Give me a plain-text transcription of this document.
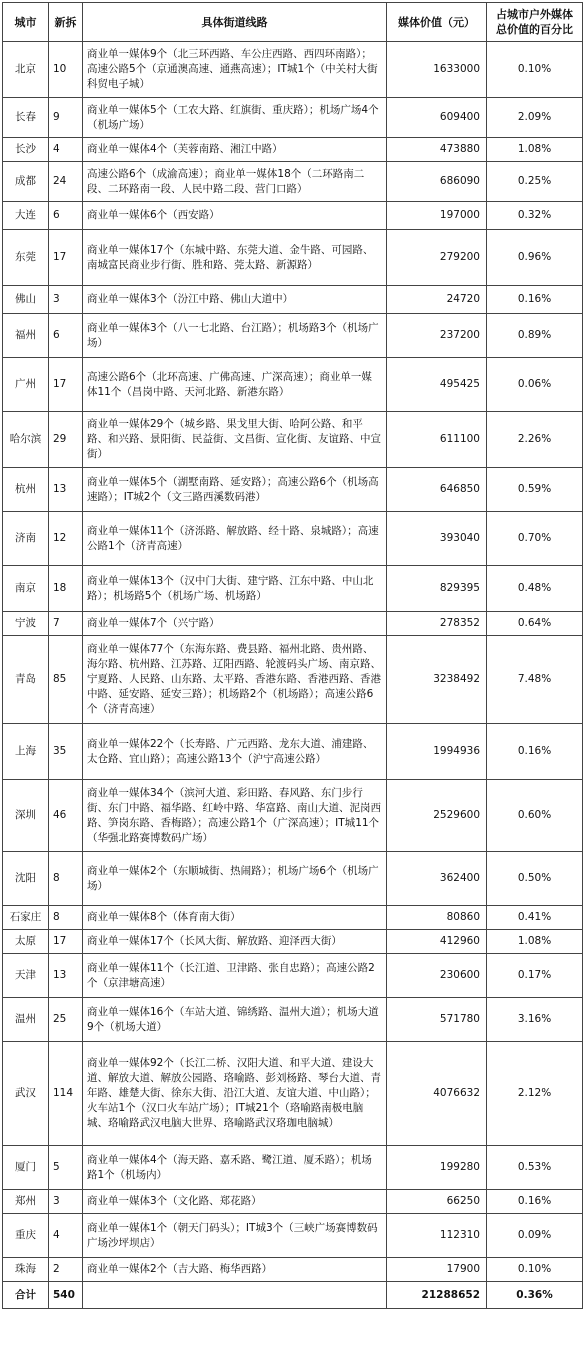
城市	新拆	具体街道线路	媒体价值（元）	占城市户外媒体总价值的百分比
北京	10	商业单一媒体9个（北三环西路、车公庄西路、西四环南路）；高速公路5个（京通澳高速、通燕高速）；IT城1个（中关村大街科贸电子城）	1633000	0.10%
长春	9	商业单一媒体5个（工农大路、红旗街、重庆路）；机场广场4个（机场广场）	609400	2.09%
长沙	4	商业单一媒体4个（芙蓉南路、湘江中路）	473880	1.08%
成都	24	高速公路6个（成渝高速）；商业单一媒体18个（二环路南二段、二环路南一段、人民中路二段、营门口路）	686090	0.25%
大连	6	商业单一媒体6个（西安路）	197000	0.32%
东莞	17	商业单一媒体17个（东城中路、东莞大道、金牛路、可园路、南城富民商业步行街、胜和路、莞太路、新源路）	279200	0.96%
佛山	3	商业单一媒体3个（汾江中路、佛山大道中）	24720	0.16%
福州	6	商业单一媒体3个（八一七北路、台江路）；机场路3个（机场广场）	237200	0.89%
广州	17	高速公路6个（北环高速、广佛高速、广深高速）；商业单一媒体11个（昌岗中路、天河北路、新港东路）	495425	0.06%
哈尔滨	29	商业单一媒体29个（城乡路、果戈里大街、哈阿公路、和平路、和兴路、景阳街、民益街、文昌街、宣化街、友谊路、中宣街）	611100	2.26%
杭州	13	商业单一媒体5个（湖墅南路、延安路）；高速公路6个（机场高速路）；IT城2个（文三路西溪数码港）	646850	0.59%
济南	12	商业单一媒体11个（济泺路、解放路、经十路、泉城路）；高速公路1个（济青高速）	393040	0.70%
南京	18	商业单一媒体13个（汉中门大街、建宁路、江东中路、中山北路）；机场路5个（机场广场、机场路）	829395	0.48%
宁波	7	商业单一媒体7个（兴宁路）	278352	0.64%
青岛	85	商业单一媒体77个（东海东路、费县路、福州北路、贵州路、海尔路、杭州路、江苏路、辽阳西路、轮渡码头广场、南京路、宁夏路、人民路、山东路、太平路、香港东路、香港西路、香港中路、延安路、延安三路）；机场路2个（机场路）；高速公路6个（济青高速）	3238492	7.48%
上海	35	商业单一媒体22个（长寿路、广元西路、龙东大道、浦建路、太仓路、宜山路）；高速公路13个（沪宁高速公路）	1994936	0.16%
深圳	46	商业单一媒体34个（滨河大道、彩田路、春风路、东门步行街、东门中路、福华路、红岭中路、华富路、南山大道、泥岗西路、笋岗东路、香梅路）；高速公路1个（广深高速）；IT城11个（华强北路赛博数码广场）	2529600	0.60%
沈阳	8	商业单一媒体2个（东顺城街、热闹路）；机场广场6个（机场广场）	362400	0.50%
石家庄	8	商业单一媒体8个（体育南大街）	80860	0.41%
太原	17	商业单一媒体17个（长风大街、解放路、迎泽西大街）	412960	1.08%
天津	13	商业单一媒体11个（长江道、卫津路、张自忠路）；高速公路2个（京津塘高速）	230600	0.17%
温州	25	商业单一媒体16个（车站大道、锦绣路、温州大道）；机场大道9个（机场大道）	571780	3.16%
武汉	114	商业单一媒体92个（长江二桥、汉阳大道、和平大道、建设大道、解放大道、解放公园路、珞喻路、彭刘杨路、琴台大道、青年路、雄楚大街、徐东大街、沿江大道、友谊大道、中山路）；火车站1个（汉口火车站广场）；IT城21个（珞喻路南极电脑城、珞喻路武汉电脑大世界、珞喻路武汉珞珈电脑城）	4076632	2.12%
厦门	5	商业单一媒体4个（海天路、嘉禾路、鹭江道、厦禾路）；机场路1个（机场内）	199280	0.53%
郑州	3	商业单一媒体3个（文化路、郑花路）	66250	0.16%
重庆	4	商业单一媒体1个（朝天门码头）；IT城3个（三峡广场赛博数码广场沙坪坝店）	112310	0.09%
珠海	2	商业单一媒体2个（吉大路、梅华西路）	17900	0.10%
合计	540		21288652	0.36%
